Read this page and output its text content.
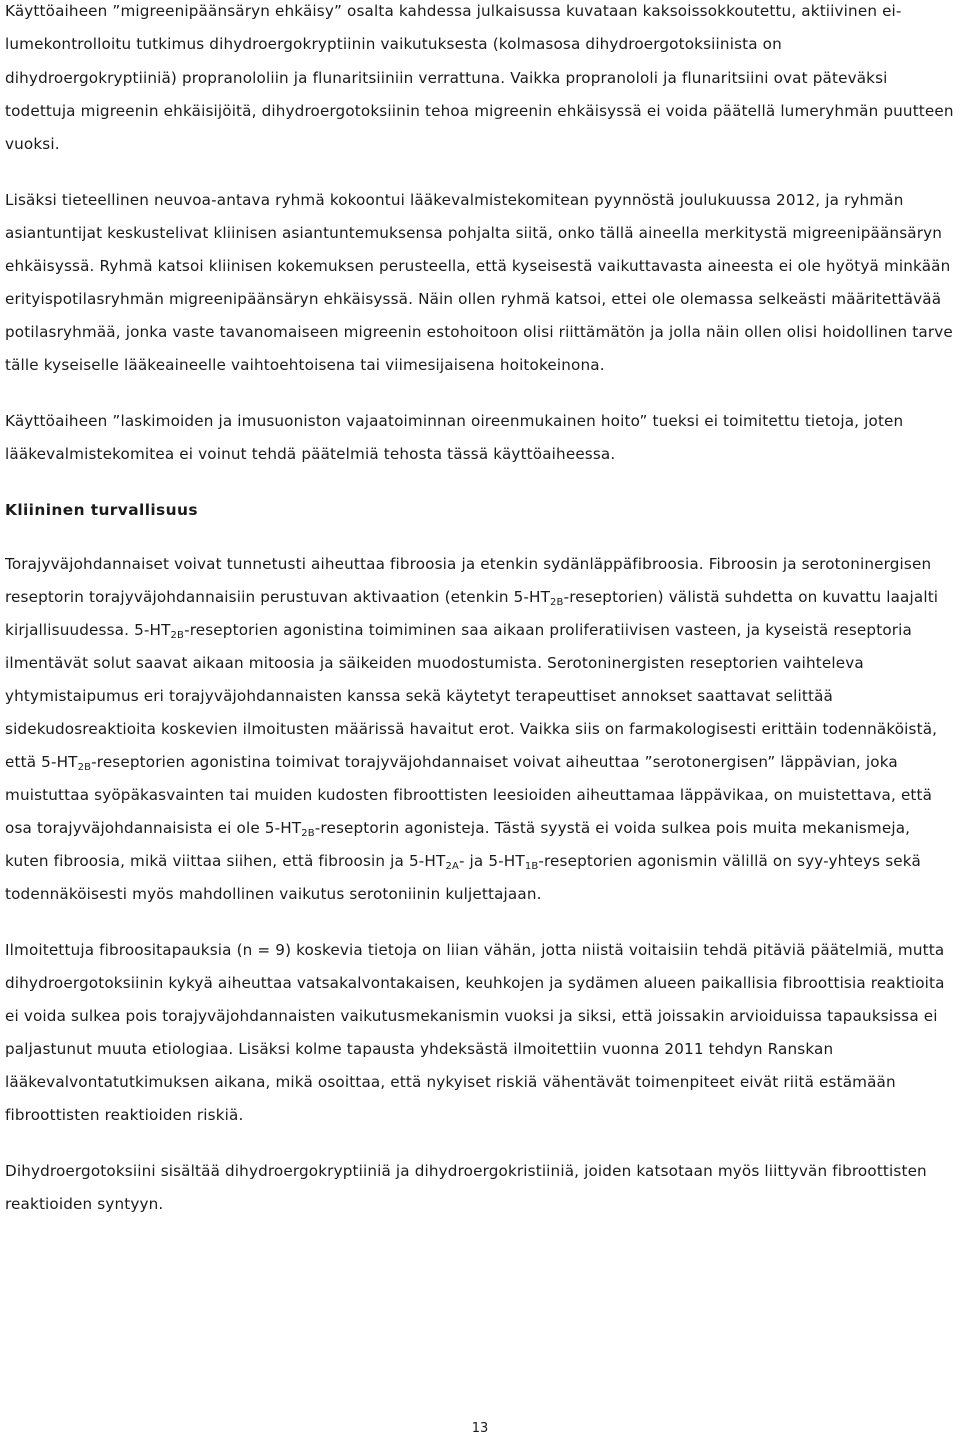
Käyttöaiheen ”migreenipäänsäryn ehkäisy” osalta kahdessa julkaisussa kuvataan kaksoissokkoutettu, aktiivinen ei-lumekontrolloitu tutkimus dihydroergokryptiinin vaikutuksesta (kolmasosa dihydroergotoksiinista on dihydroergokryptiiniä) propranololiin ja flunaritsiiniin verrattuna. Vaikka propranololi ja flunaritsiini ovat päteväksi todettuja migreenin ehkäisijöitä, dihydroergotoksiinin tehoa migreenin ehkäisyssä ei voida päätellä lumeryhmän puutteen vuoksi.

Lisäksi tieteellinen neuvoa-antava ryhmä kokoontui lääkevalmistekomitean pyynnöstä joulukuussa 2012, ja ryhmän asiantuntijat keskustelivat kliinisen asiantuntemuksensa pohjalta siitä, onko tällä aineella merkitystä migreenipäänsäryn ehkäisyssä. Ryhmä katsoi kliinisen kokemuksen perusteella, että kyseisestä vaikuttavasta aineesta ei ole hyötyä minkään erityispotilasryhmän migreenipäänsäryn ehkäisyssä. Näin ollen ryhmä katsoi, ettei ole olemassa selkeästi määritettävää potilasryhmää, jonka vaste tavanomaiseen migreenin estohoitoon olisi riittämätön ja jolla näin ollen olisi hoidollinen tarve tälle kyseiselle lääkeaineelle vaihtoehtoisena tai viimesijaisena hoitokeinona.

Käyttöaiheen ”laskimoiden ja imusuoniston vajaatoiminnan oireenmukainen hoito” tueksi ei toimitettu tietoja, joten lääkevalmistekomitea ei voinut tehdä päätelmiä tehosta tässä käyttöaiheessa.

Kliininen turvallisuus

Torajyväjohdannaiset voivat tunnetusti aiheuttaa fibroosia ja etenkin sydänläppäfibroosia. Fibroosin ja serotoninergisen reseptorin torajyväjohdannaisiin perustuvan aktivaation (etenkin $5-HT_{2B}-reseptorien$) välistä suhdetta on kuvattu laajalti kirjallisuudessa. $5-HT_{2B}$-reseptorien agonistina toimiminen saa aikaan proliferatiivisen vasteen, ja kyseistä reseptoria ilmentävät solut saavat aikaan mitoosia ja säikeiden muodostumista. Serotoninergisten reseptorien vaihteleva yhtymistaipumus eri torajyväjohdannaisten kanssa sekä käytetyt terapeuttiset annokset saattavat selittää sidekudosreaktioita koskevien ilmoitusten määrissä havaitut erot. Vaikka siis on farmakologisesti erittäin todennäköistä, että $5-HT_{2B}$-reseptorien agonistina toimivat torajyväjohdannaiset voivat aiheuttaa ”serotonergisen” läppävian, joka muistuttaa syöpäkasvainten tai muiden kudosten fibroottisten leesioiden aiheuttamaa läppävikaa, on muistettava, että osa torajyväjohdannaisista ei ole $5-HT_{2B}$-reseptorin agonisteja. Tästä syystä ei voida sulkea pois muita mekanismeja, kuten fibroosia, mikä viittaa siihen, että fibroosin ja $5-HT_{2A}-$ ja $5-HT_{1B}$-reseptorien agonismin välillä on syy-yhteys sekä todennäköisesti myös mahdollinen vaikutus serotoniinin kuljettajaan.

Ilmoitettuja fibroositapauksia (n = 9) koskevia tietoja on liian vähän, jotta niistä voitaisiin tehdä pitäviä päätelmiä, mutta dihydroergotoksiinin kykyä aiheuttaa vatsakalvontakaisen, keuhkojen ja sydämen alueen paikallisia fibroottisia reaktioita ei voida sulkea pois torajyväjohdannaisten vaikutusmekanismin vuoksi ja siksi, että joissakin arvioiduissa tapauksissa ei paljastunut muuta etiologiaa. Lisäksi kolme tapausta yhdeksästä ilmoitettiin vuonna 2011 tehdyn Ranskan lääkevalvontatutkimuksen aikana, mikä osoittaa, että nykyiset riskiä vähentävät toimenpiteet eivät riitä estämään fibroottisten reaktioiden riskiä.

Dihydroergotoksiini sisältää dihydroergokryptiiniä ja dihydroergokristiiniä, joiden katsotaan myös liittyvän fibroottisten reaktioiden syntyyn.

13
